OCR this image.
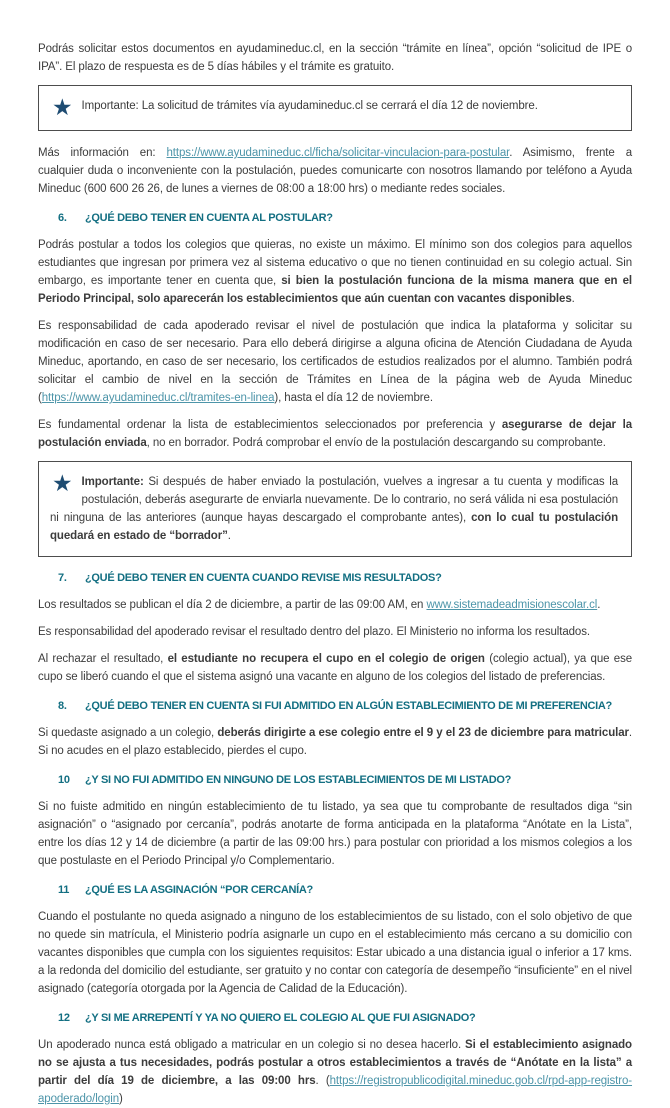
Podrás solicitar estos documentos en ayudamineduc.cl, en la sección “trámite en línea”, opción “solicitud de IPE o IPA”. El plazo de respuesta es de 5 días hábiles y el trámite es gratuito.

★ Importante: La solicitud de trámites vía ayudamineduc.cl se cerrará el día 12 de noviembre.

Más información en: https://www.ayudamineduc.cl/ficha/solicitar-vinculacion-para-postular. Asimismo, frente a cualquier duda o inconveniente con la postulación, puedes comunicarte con nosotros llamando por teléfono a Ayuda Mineduc (600 600 26 26, de lunes a viernes de 08:00 a 18:00 hrs) o mediante redes sociales.

6.	¿QUÉ DEBO TENER EN CUENTA AL POSTULAR?

Podrás postular a todos los colegios que quieras, no existe un máximo. El mínimo son dos colegios para aquellos estudiantes que ingresan por primera vez al sistema educativo o que no tienen continuidad en su colegio actual. Sin embargo, es importante tener en cuenta que, si bien la postulación funciona de la misma manera que en el Periodo Principal, solo aparecerán los establecimientos que aún cuentan con vacantes disponibles.

Es responsabilidad de cada apoderado revisar el nivel de postulación que indica la plataforma y solicitar su modificación en caso de ser necesario. Para ello deberá dirigirse a alguna oficina de Atención Ciudadana de Ayuda Mineduc, aportando, en caso de ser necesario, los certificados de estudios realizados por el alumno. También podrá solicitar el cambio de nivel en la sección de Trámites en Línea de la página web de Ayuda Mineduc (https://www.ayudamineduc.cl/tramites-en-linea), hasta el día 12 de noviembre.

Es fundamental ordenar la lista de establecimientos seleccionados por preferencia y asegurarse de dejar la postulación enviada, no en borrador. Podrá comprobar el envío de la postulación descargando su comprobante.

★ Importante: Si después de haber enviado la postulación, vuelves a ingresar a tu cuenta y modificas la postulación, deberás asegurarte de enviarla nuevamente. De lo contrario, no será válida ni esa postulación ni ninguna de las anteriores (aunque hayas descargado el comprobante antes), con lo cual tu postulación quedará en estado de “borrador”.
7.	¿QUÉ DEBO TENER EN CUENTA CUANDO REVISE MIS RESULTADOS?

Los resultados se publican el día 2 de diciembre, a partir de las 09:00 AM, en www.sistemadeadmisionescolar.cl.

Es responsabilidad del apoderado revisar el resultado dentro del plazo. El Ministerio no informa los resultados.

Al rechazar el resultado, el estudiante no recupera el cupo en el colegio de origen (colegio actual), ya que ese cupo se liberó cuando el que el sistema asignó una vacante en alguno de los colegios del listado de preferencias.

8.	¿QUÉ DEBO TENER EN CUENTA SI FUI ADMITIDO EN ALGÚN ESTABLECIMIENTO DE MI PREFERENCIA?

Si quedaste asignado a un colegio, deberás dirigirte a ese colegio entre el 9 y el 23 de diciembre para matricular. Si no acudes en el plazo establecido, pierdes el cupo.

10	¿Y SI NO FUI ADMITIDO EN NINGUNO DE LOS ESTABLECIMIENTOS DE MI LISTADO?

Si no fuiste admitido en ningún establecimiento de tu listado, ya sea que tu comprobante de resultados diga “sin asignación” o “asignado por cercanía”, podrás anotarte de forma anticipada en la plataforma “Anótate en la Lista”, entre los días 12 y 14 de diciembre (a partir de las 09:00 hrs.) para postular con prioridad a los mismos colegios a los que postulaste en el Periodo Principal y/o Complementario.

11	¿QUÉ ES LA ASGINACIÓN “POR CERCANÍA?

Cuando el postulante no queda asignado a ninguno de los establecimientos de su listado, con el solo objetivo de que no quede sin matrícula, el Ministerio podría asignarle un cupo en el establecimiento más cercano a su domicilio con vacantes disponibles que cumpla con los siguientes requisitos: Estar ubicado a una distancia igual o inferior a 17 kms. a la redonda del domicilio del estudiante, ser gratuito y no contar con categoría de desempeño “insuficiente” en el nivel asignado (categoría otorgada por la Agencia de Calidad de la Educación).

12	¿Y SI ME ARREPENTÍ Y YA NO QUIERO EL COLEGIO AL QUE FUI ASIGNADO?

Un apoderado nunca está obligado a matricular en un colegio si no desea hacerlo. Si el establecimiento asignado no se ajusta a tus necesidades, podrás postular a otros establecimientos a través de “Anótate en la lista” a partir del día 19 de diciembre, a las 09:00 hrs. (https://registropublicodigital.mineduc.gob.cl/rpd-app-registro-apoderado/login)
